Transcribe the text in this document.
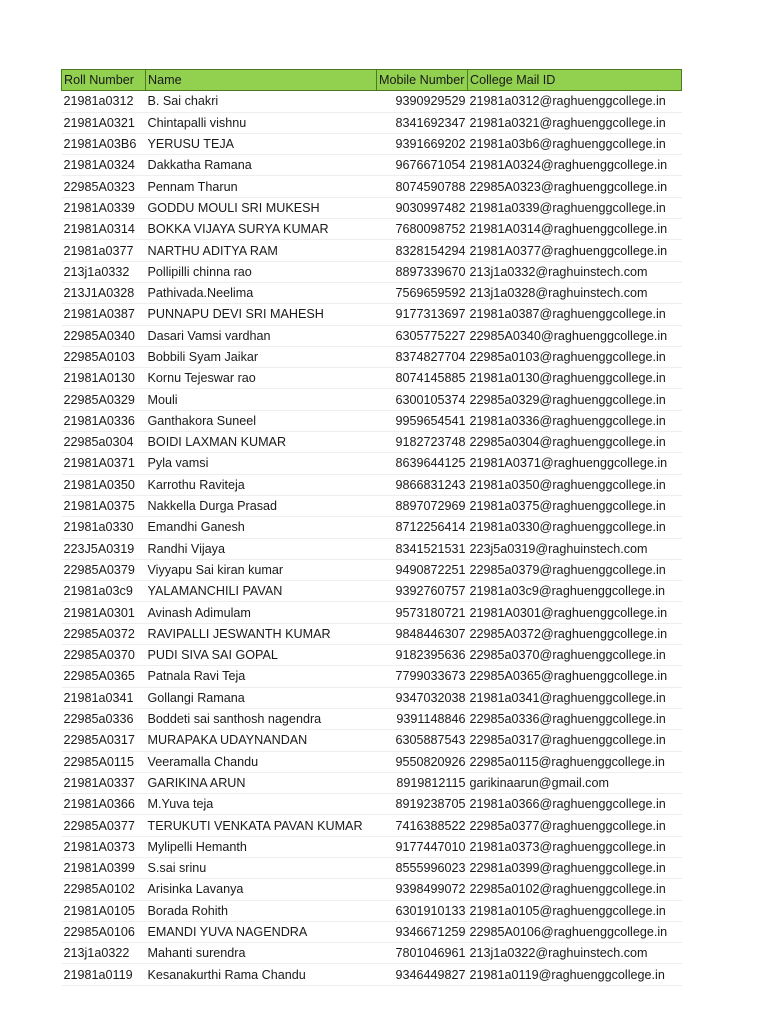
Roll Number	Name	Mobile Number	College Mail ID
21981a0312	B. Sai chakri	9390929529	21981a0312@raghuenggcollege.in
21981A0321	Chintapalli vishnu	8341692347	21981a0321@raghuenggcollege.in
21981A03B6	YERUSU TEJA	9391669202	21981a03b6@raghuenggcollege.in
21981A0324	Dakkatha Ramana	9676671054	21981A0324@raghuenggcollege.in
22985A0323	Pennam Tharun	8074590788	22985A0323@raghuenggcollege.in
21981A0339	GODDU MOULI SRI MUKESH	9030997482	21981a0339@raghuenggcollege.in
21981A0314	BOKKA VIJAYA SURYA KUMAR	7680098752	21981A0314@raghuenggcollege.in
21981a0377	NARTHU ADITYA RAM	8328154294	21981A0377@raghuenggcollege.in
213j1a0332	Pollipilli chinna rao	8897339670	213j1a0332@raghuinstech.com
213J1A0328	Pathivada.Neelima	7569659592	213j1a0328@raghuinstech.com
21981A0387	PUNNAPU DEVI SRI MAHESH	9177313697	21981a0387@raghuenggcollege.in
22985A0340	Dasari Vamsi vardhan	6305775227	22985A0340@raghuenggcollege.in
22985A0103	Bobbili Syam Jaikar	8374827704	22985a0103@raghuenggcollege.in
21981A0130	Kornu Tejeswar rao	8074145885	21981a0130@raghuenggcollege.in
22985A0329	Mouli	6300105374	22985a0329@raghuenggcollege.in
21981A0336	Ganthakora Suneel	9959654541	21981a0336@raghuenggcollege.in
22985a0304	BOIDI LAXMAN KUMAR	9182723748	22985a0304@raghuenggcollege.in
21981A0371	Pyla vamsi	8639644125	21981A0371@raghuenggcollege.in
21981A0350	Karrothu Raviteja	9866831243	21981a0350@raghuenggcollege.in
21981A0375	Nakkella Durga Prasad	8897072969	21981a0375@raghuenggcollege.in
21981a0330	Emandhi Ganesh	8712256414	21981a0330@raghuenggcollege.in
223J5A0319	Randhi Vijaya	8341521531	223j5a0319@raghuinstech.com
22985A0379	Viyyapu Sai kiran kumar	9490872251	22985a0379@raghuenggcollege.in
21981a03c9	YALAMANCHILI PAVAN	9392760757	21981a03c9@raghuenggcollege.in
21981A0301	Avinash Adimulam	9573180721	21981A0301@raghuenggcollege.in
22985A0372	RAVIPALLI JESWANTH KUMAR	9848446307	22985A0372@raghuenggcollege.in
22985A0370	PUDI SIVA SAI GOPAL	9182395636	22985a0370@raghuenggcollege.in
22985A0365	Patnala Ravi Teja	7799033673	22985A0365@raghuenggcollege.in
21981a0341	Gollangi Ramana	9347032038	21981a0341@raghuenggcollege.in
22985a0336	Boddeti sai santhosh nagendra	9391148846	22985a0336@raghuenggcollege.in
22985A0317	MURAPAKA UDAYNANDAN	6305887543	22985a0317@raghuenggcollege.in
22985A0115	Veeramalla Chandu	9550820926	22985a0115@raghuenggcollege.in
21981A0337	GARIKINA ARUN	8919812115	garikinaarun@gmail.com
21981A0366	M.Yuva teja	8919238705	21981a0366@raghuenggcollege.in
22985A0377	TERUKUTI VENKATA PAVAN KUMAR	7416388522	22985a0377@raghuenggcollege.in
21981A0373	Mylipelli Hemanth	9177447010	21981a0373@raghuenggcollege.in
21981A0399	S.sai srinu	8555996023	22981a0399@raghuenggcollege.in
22985A0102	Arisinka Lavanya	9398499072	22985a0102@raghuenggcollege.in
21981A0105	Borada Rohith	6301910133	21981a0105@raghuenggcollege.in
22985A0106	EMANDI YUVA NAGENDRA	9346671259	22985A0106@raghuenggcollege.in
213j1a0322	Mahanti surendra	7801046961	213j1a0322@raghuinstech.com
21981a0119	Kesanakurthi Rama Chandu	9346449827	21981a0119@raghuenggcollege.in
